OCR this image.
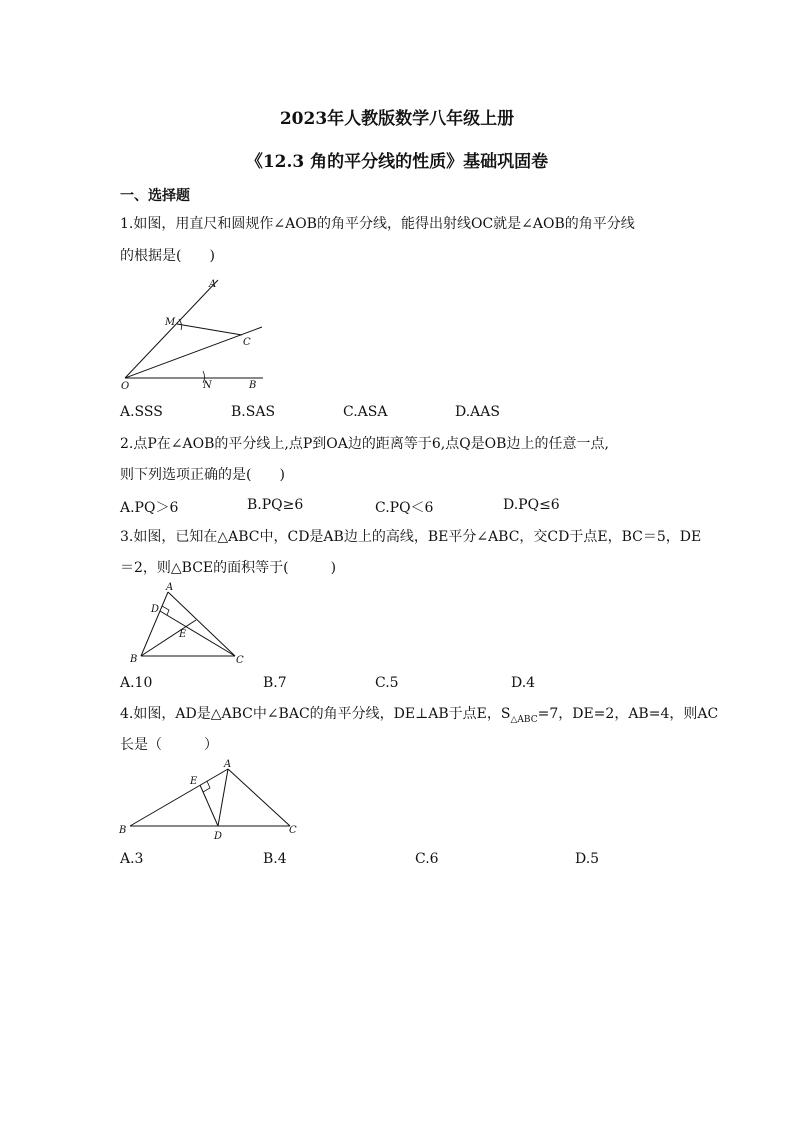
2023年人教版数学八年级上册
《12.3 角的平分线的性质》基础巩固卷
一、选择题
1.如图，用直尺和圆规作∠AOB的角平分线，能得出射线OC就是∠AOB的角平分线
的根据是(　　)
A
M
C
O	N	B
A.SSS	B.SAS	C.ASA	D.AAS
2.点P在∠AOB的平分线上,点P到OA边的距离等于6,点Q是OB边上的任意一点,
则下列选项正确的是(　　)
A.PQ＞6	B.PQ≥6	C.PQ＜6	D.PQ≤6
3.如图，已知在△ABC中，CD是AB边上的高线，BE平分∠ABC，交CD于点E，BC＝5，DE
＝2，则△BCE的面积等于(　　　)
A
D
E
B	C
A.10	B.7	C.5	D.4
4.如图，AD是△ABC中∠BAC的角平分线，DE⊥AB于点E，$S_{\triangle ABC}=7$，DE=2，AB=4，则AC
长是（　　　）
E
A
B
D
C
A.3	B.4	C.6	D.5
